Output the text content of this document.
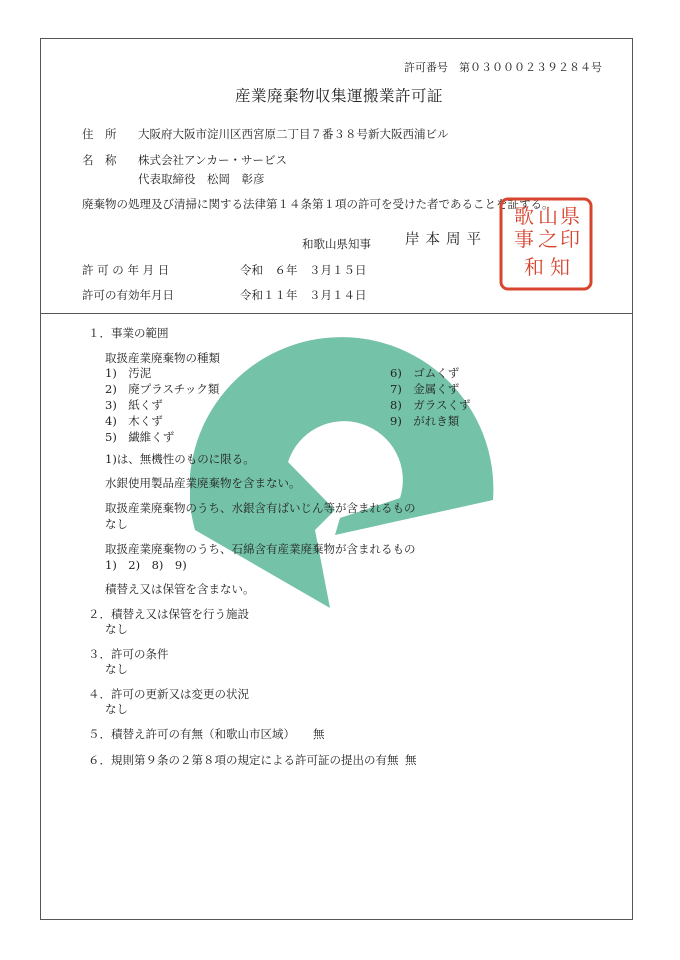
許可番号　第０３０００２３９２８４号
産業廃棄物収集運搬業許可証
住　所 大阪府大阪市淀川区西宮原二丁目７番３８号新大阪西浦ビル
名　称 株式会社アンカー・サービス
代表取締役　松岡　彰彦
廃棄物の処理及び清掃に関する法律第１４条第１項の許可を受けた者であることを証する。
和歌山県知事 岸本周平
県
印
山
之
歌
事
和 知
許 可 の 年 月 日	令和　６年　３月１５日
許可の有効年月日	令和１１年　３月１４日
１．事業の範囲
取扱産業廃棄物の種類
1)　汚泥
2)　廃プラスチック類
3)　紙くず
4)　木くず
5)　繊維くず
6)　ゴムくず
7)　金属くず
8)　ガラスくず
9)　がれき類
1)は、無機性のものに限る。
水銀使用製品産業廃棄物を含まない。
取扱産業廃棄物のうち、水銀含有ばいじん等が含まれるもの
なし
取扱産業廃棄物のうち、石綿含有産業廃棄物が含まれるもの
1)　2)　8)　9)
積替え又は保管を含まない。
２．積替え又は保管を行う施設
なし
３．許可の条件
なし
４．許可の更新又は変更の状況
なし
５．積替え許可の有無（和歌山市区域） 無
６．規則第９条の２第８項の規定による許可証の提出の有無 無
